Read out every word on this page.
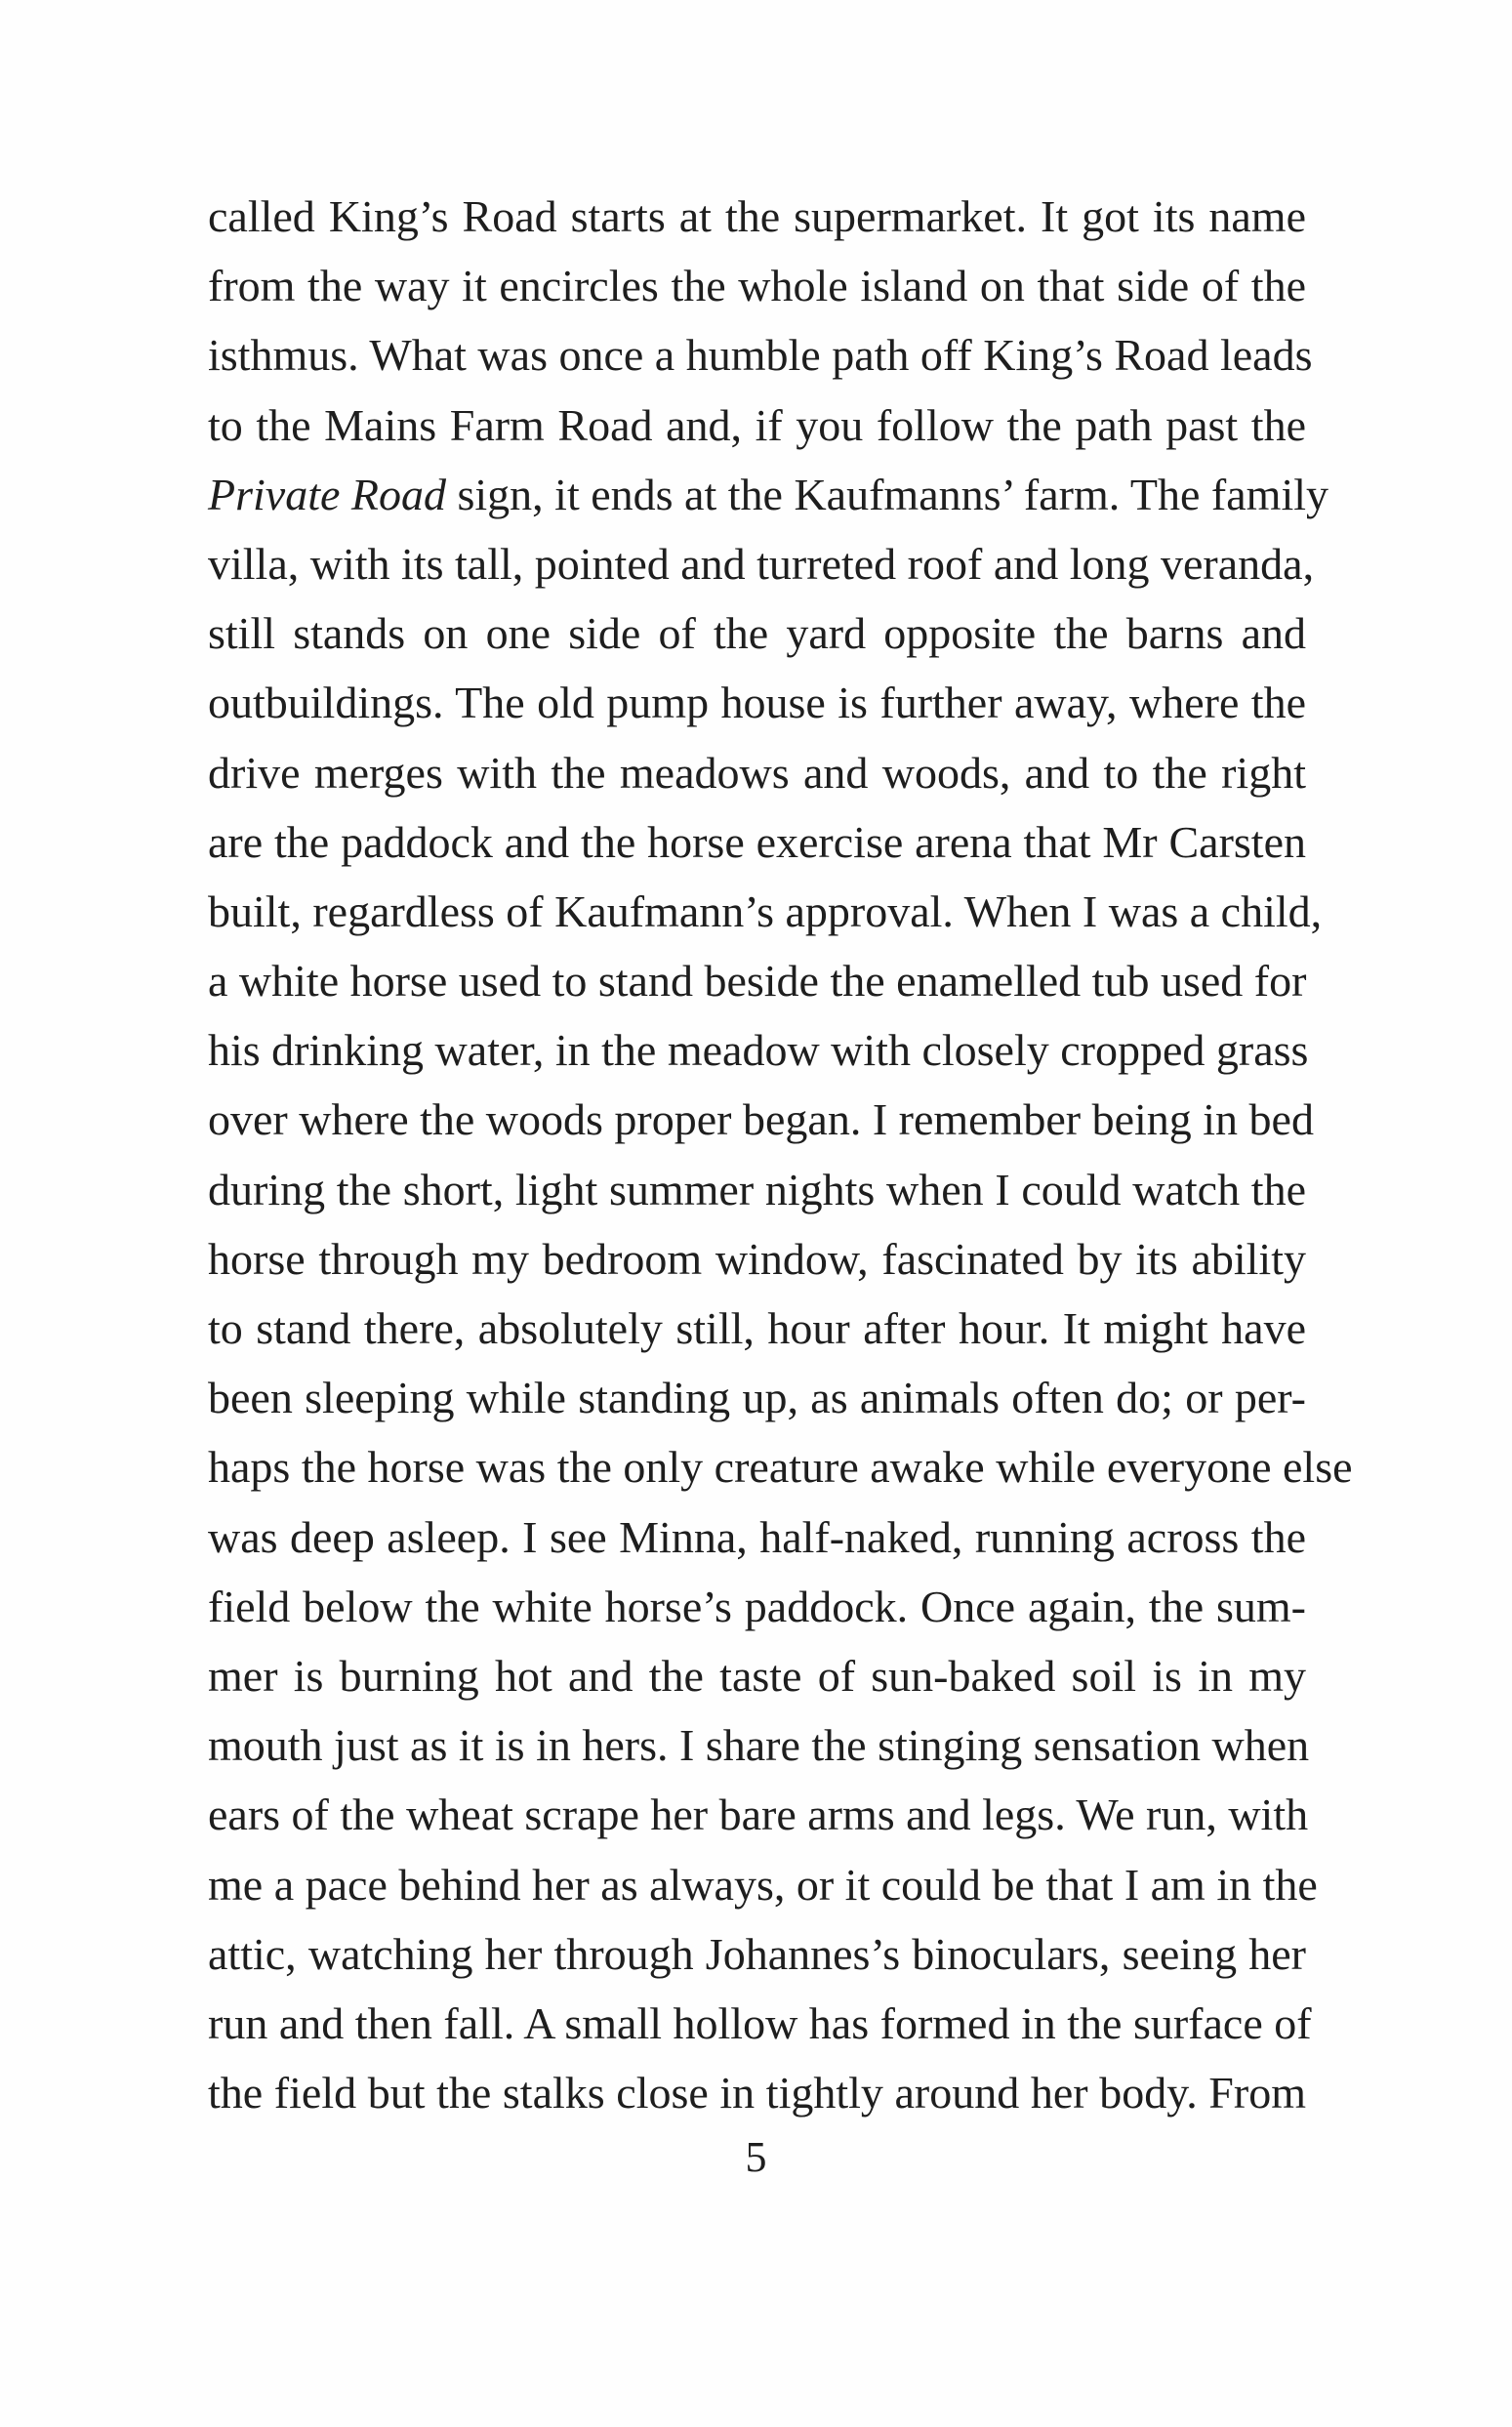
called King’s Road starts at the supermarket. It got its name
from the way it encircles the whole island on that side of the
isthmus. What was once a humble path off King’s Road leads
to the Mains Farm Road and, if you follow the path past the
Private Road sign, it ends at the Kaufmanns’ farm. The family
villa, with its tall, pointed and turreted roof and long veranda,
still stands on one side of the yard opposite the barns and
outbuildings. The old pump house is further away, where the
drive merges with the meadows and woods, and to the right
are the paddock and the horse exercise arena that Mr Carsten
built, regardless of Kaufmann’s approval. When I was a child,
a white horse used to stand beside the enamelled tub used for
his drinking water, in the meadow with closely cropped grass
over where the woods proper began. I remember being in bed
during the short, light summer nights when I could watch the
horse through my bedroom window, fascinated by its ability
to stand there, absolutely still, hour after hour. It might have
been sleeping while standing up, as animals often do; or per-
haps the horse was the only creature awake while everyone else
was deep asleep. I see Minna, half-naked, running across the
field below the white horse’s paddock. Once again, the sum-
mer is burning hot and the taste of sun-baked soil is in my
mouth just as it is in hers. I share the stinging sensation when
ears of the wheat scrape her bare arms and legs. We run, with
me a pace behind her as always, or it could be that I am in the
attic, watching her through Johannes’s binoculars, seeing her
run and then fall. A small hollow has formed in the surface of
the field but the stalks close in tightly around her body. From
5
